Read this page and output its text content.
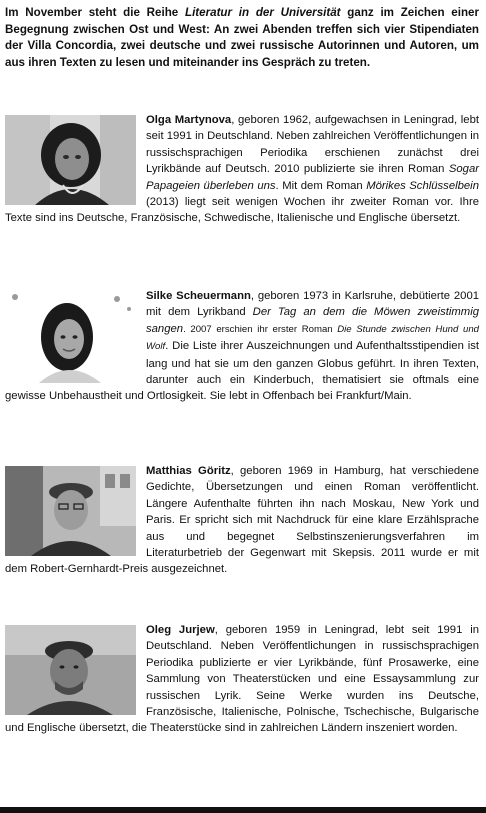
Im November steht die Reihe Literatur in der Universität ganz im Zeichen einer Begegnung zwischen Ost und West: An zwei Abenden treffen sich vier Stipendiaten der Villa Concordia, zwei deutsche und zwei russische Autorinnen und Autoren, um aus ihren Texten zu lesen und miteinander ins Gespräch zu treten.

Olga Martynova, geboren 1962, aufgewachsen in Leningrad, lebt seit 1991 in Deutschland. Neben zahlreichen Veröffentlichungen in russischsprachigen Periodika erschienen zunächst drei Lyrikbände auf Deutsch. 2010 publizierte sie ihren Roman Sogar Papageien überleben uns. Mit dem Roman Mörikes Schlüsselbein (2013) liegt seit wenigen Wochen ihr zweiter Roman vor. Ihre Texte sind ins Deutsche, Französische, Schwedische, Italienische und Englische übersetzt.
Silke Scheuermann, geboren 1973 in Karlsruhe, debütierte 2001 mit dem Lyrikband Der Tag an dem die Möwen zweistimmig sangen. 2007 erschien ihr erster Roman Die Stunde zwischen Hund und Wolf. Die Liste ihrer Auszeichnungen und Aufenthaltsstipendien ist lang und hat sie um den ganzen Globus geführt. In ihren Texten, darunter auch ein Kinderbuch, thematisiert sie oftmals eine gewisse Unbehaustheit und Ortlosigkeit. Sie lebt in Offenbach bei Frankfurt/Main.
Matthias Göritz, geboren 1969 in Hamburg, hat verschiedene Gedichte, Übersetzungen und einen Roman veröffentlicht. Längere Aufenthalte führten ihn nach Moskau, New York und Paris. Er spricht sich mit Nachdruck für eine klare Erzählsprache aus und begegnet Selbstinszenierungsverfahren im Literaturbetrieb der Gegenwart mit Skepsis. 2011 wurde er mit dem Robert-Gernhardt-Preis ausgezeichnet.
Oleg Jurjew, geboren 1959 in Leningrad, lebt seit 1991 in Deutschland. Neben Veröffentlichungen in russischsprachigen Periodika publizierte er vier Lyrikbände, fünf Prosawerke, eine Sammlung von Theaterstücken und eine Essaysammlung zur russischen Lyrik. Seine Werke wurden ins Deutsche, Französische, Italienische, Polnische, Tschechische, Bulgarische und Englische übersetzt, die Theaterstücke sind in zahlreichen Ländern inszeniert worden.
